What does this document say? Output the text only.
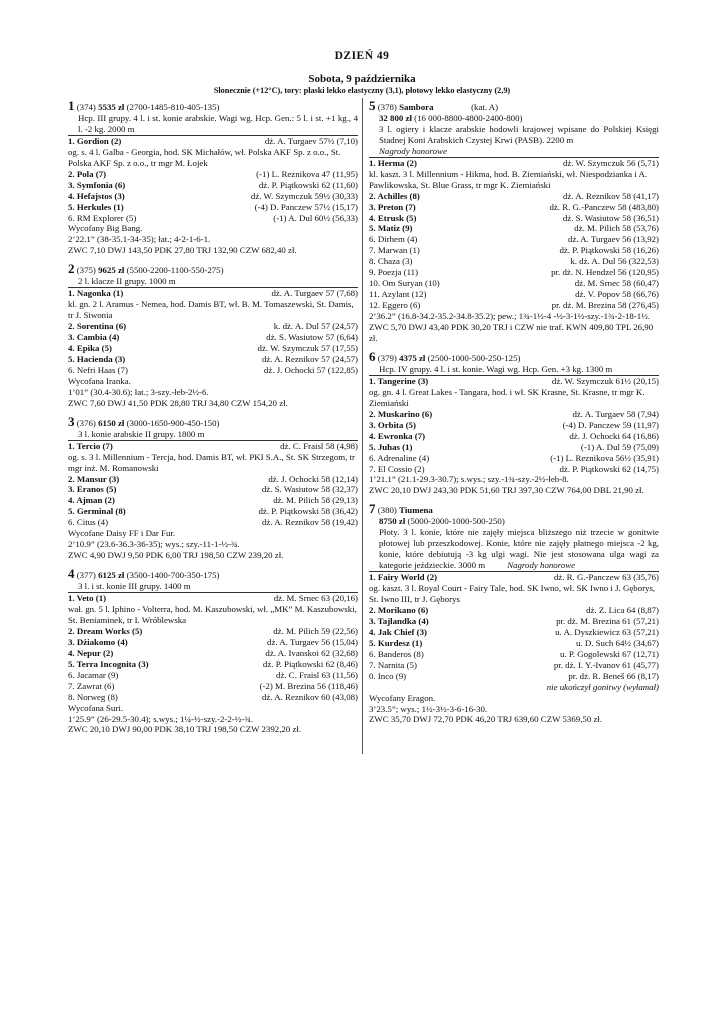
DZIEŃ 49
Sobota, 9 października
Słonecznie (+12°C), tory: płaski lekko elastyczny (3,1), płotowy lekko elastyczny (2,9)
1 (374) 5535 zł (2700-1485-810-405-135)
Hcp. III grupy. 4 l. i st. konie arabskie. Wagi wg. Hcp. Gen.: 5 l. i st. +1 kg., 4 l. -2 kg. 2000 m
1. Gordion (2)	dż. A. Turgaev 57½ (7,10)
og. s. 4 l. Galba - Georgia, hod. SK Michałów, wł. Polska AKF Sp. z o.o., St. Polska AKF Sp. z o.o., tr mgr M. Łojek
2. Pola (7)	(-1) L. Reznikova 47 (11,95)
3. Symfonia (6)	dż. P. Piątkowski 62 (11,60)
4. Hefajstos (3)	dż. W. Szymczuk 59½ (30,33)
5. Herkules (1)	(-4) D. Panczew 57½ (15,17)
6. RM Explorer (5)	(-1) A. Dul 60½ (56,33)
Wycofany Big Bang.
2’22.1” (38-35.1-34-35); łat.; 4-2-1-6-1.
ZWC 7,10 DWJ 143,50 PDK 27,80 TRJ 132,90 CZW 682,40 zł.
2 (375) 9625 zł (5500-2200-1100-550-275)
2 l. klacze II grupy. 1000 m
1. Nagonka (1)	dż. A. Turgaev 57 (7,68)
kl. gn. 2 l. Aramus - Nemea, hod. Damis BT, wł. B. M. Tomaszewski, St. Damis, tr J. Siwonia
2. Sorentina (6)	k. dż. A. Dul 57 (24,57)
3. Cambia (4)	dż. S. Wasiutow 57 (6,64)
4. Epika (5)	dż. W. Szymczuk 57 (17,55)
5. Hacienda (3)	dż. A. Reznikov 57 (24,57)
6. Nefri Haas (7)	dż. J. Ochocki 57 (122,85)
Wycofana Iranka.
1’01” (30.4-30.6); łat.; 3-szy.-łeb-2½-6.
ZWC 7,60 DWJ 41,50 PDK 28,80 TRJ 34,80 CZW 154,20 zł.
3 (376) 6150 zł (3000-1650-900-450-150)
3 l. konie arabskie II grupy. 1800 m
1. Tercio (7)	dż. C. Fraisl 58 (4,98)
og. s. 3 l. Millennium - Tercja, hod. Damis BT, wł. PKI S.A., St. SK Strzegom, tr mgr inż. M. Romanowski
2. Mansur (3)	dż. J. Ochocki 58 (12,14)
3. Eranos (5)	dż. S. Wasiutow 58 (32,37)
4. Ajman (2)	dż. M. Pilich 58 (29,13)
5. Germinal (8)	dż. P. Piątkowski 58 (36,42)
6. Citus (4)	dż. A. Reznikov 58 (19,42)
Wycofane Daisy FF i Dar Fur.
2’10.9” (23.6-36.3-36-35); wys.; szy.-11-1-½-¾.
ZWC 4,90 DWJ 9,50 PDK 6,00 TRJ 198,50 CZW 239,20 zł.
4 (377) 6125 zł (3500-1400-700-350-175)
3 l. i st. konie III grupy. 1400 m
1. Veto (1)	dż. M. Srnec 63 (20,16)
wał. gn. 5 l. Iphino - Volterra, hod. M. Kaszubowski, wł. „MK” M. Kaszubowski, St. Beniaminek, tr I. Wróblewska
2. Dream Works (5)	dż. M. Pilich 59 (22,56)
3. Dżiakomo (4)	dż. A. Turgaev 56 (15,04)
4. Nepur (2)	dż. A. Ivanskoi 62 (32,68)
5. Terra Incognita (3)	dż. P. Piątkowski 62 (8,46)
6. Jacamar (9)	dż. C. Fraisl 63 (11,56)
7. Zawrat (6)	(-2) M. Brezina 56 (118,46)
8. Norweg (8)	dż. A. Reznikov 60 (43,08)
Wycofana Suri.
1’25.9” (26-29.5-30.4); s.wys.; 1¼-½-szy.-2-2-½-¾.
ZWC 20,10 DWJ 90,00 PDK 38,10 TRJ 198,50 CZW 2392,20 zł.
5 (378) Sambora	(kat. A)
32 800 zł (16 000-8800-4800-2400-800)
3 l. ogiery i klacze arabskie hodowli krajowej wpisane do Polskiej Księgi Stadnej Koni Arabskich Czystej Krwi (PASB). 2200 m
Nagrody honorowe
1. Herma (2)	dż. W. Szymczuk 56 (5,71)
kl. kaszt. 3 l. Millennium - Hikma, hod. B. Ziemiański, wł. Niespodzianka i A. Pawlikowska, St. Blue Grass, tr mgr K. Ziemiański
2. Achilles (8)	dż. A. Reznikov 58 (41,17)
3. Preton (7)	dż. R. G.-Panczew 58 (483,80)
4. Etrusk (5)	dż. S. Wasiutow 58 (36,51)
5. Matiz (9)	dż. M. Pilich 58 (53,76)
6. Dirhem (4)	dż. A. Turgaev 56 (13,92)
7. Marwan (1)	dż. P. Piątkowski 58 (16,26)
8. Chaza (3)	k. dż. A. Dul 56 (322,53)
9. Poezja (11)	pr. dż. N. Hendzel 56 (120,95)
10. Om Suryan (10)	dż. M. Srnec 58 (60,47)
11. Azylant (12)	dż. V. Popov 58 (66,76)
12. Eggero (6)	pr. dż. M. Brezina 58 (276,45)
2’36.2” (16.8-34.2-35.2-34.8-35.2); pew.; 1¾-1½-4 -½-3-1½-szy.-1¾-2-18-1½.
ZWC 5,70 DWJ 43,40 PDK 30,20 TRJ i CZW nie traf. KWN 409,80 TPL 26,90 zł.
6 (379) 4375 zł (2500-1000-500-250-125)
Hcp. IV grupy. 4 l. i st. konie. Wagi wg. Hcp. Gen. +3 kg. 1300 m
1. Tangerine (3)	dż. W. Szymczuk 61½ (20,15)
og. gn. 4 l. Great Lakes - Tangara, hod. i wł. SK Krasne, St. Krasne, tr mgr K. Ziemiański
2. Muskarino (6)	dż. A. Turgaev 58 (7,94)
3. Orbita (5)	(-4) D. Panczew 59 (11,97)
4. Ewronka (7)	dż. J. Ochocki 64 (16,86)
5. Juhas (1)	(-1) A. Dul 59 (75,09)
6. Adrenaline (4)	(-1) L. Reznikova 56½ (35,91)
7. El Cossio (2)	dż. P. Piątkowski 62 (14,75)
1’21.1” (21.1-29.3-30.7); s.wys.; szy.-1¾-szy.-2½-łeb-8.
ZWC 20,10 DWJ 243,30 PDK 51,60 TRJ 397,30 CZW 764,00 DBL 21,90 zł.
7 (380) Tiumena
8750 zł (5000-2000-1000-500-250)
Płoty. 3 l. konie, które nie zajęły miejsca bliższego niż trzecie w gonitwie płotowej lub przeszkodowej. Konie, które nie zajęły płatnego miejsca -2 kg, konie, które debiutują -3 kg ulgi wagi. Nie jest stosowana ulga wagi za kategorie jeździeckie. 3000 m Nagrody honorowe
1. Fairy World (2)	dż. R. G.-Panczew 63 (35,76)
og. kaszt. 3 l. Royal Court - Fairy Tale, hod. SK Iwno, wł. SK Iwno i J. Gęborys, St. Iwno III, tr J. Gęborys
2. Morikano (6)	dż. Z. Lica 64 (8,87)
3. Tajlandka (4)	pr. dż. M. Brezina 61 (57,21)
4. Jak Chief (3)	u. A. Dyszkiewicz 63 (57,21)
5. Kurdesz (1)	u. D. Such 64½ (34,67)
6. Banderos (8)	u. P. Gogolewski 67 (12,71)
7. Narnita (5)	pr. dż. I. Y.-Ivanov 61 (45,77)
0. Inco (9)	pr. dż. R. Beneš 66 (8,17)
nie ukończył gonitwy (wyłamał)
Wycofany Eragon.
3’23.5”; wys.; 1½-3½-3-6-16-30.
ZWC 35,70 DWJ 72,70 PDK 46,20 TRJ 639,60 CZW 5369,50 zł.
